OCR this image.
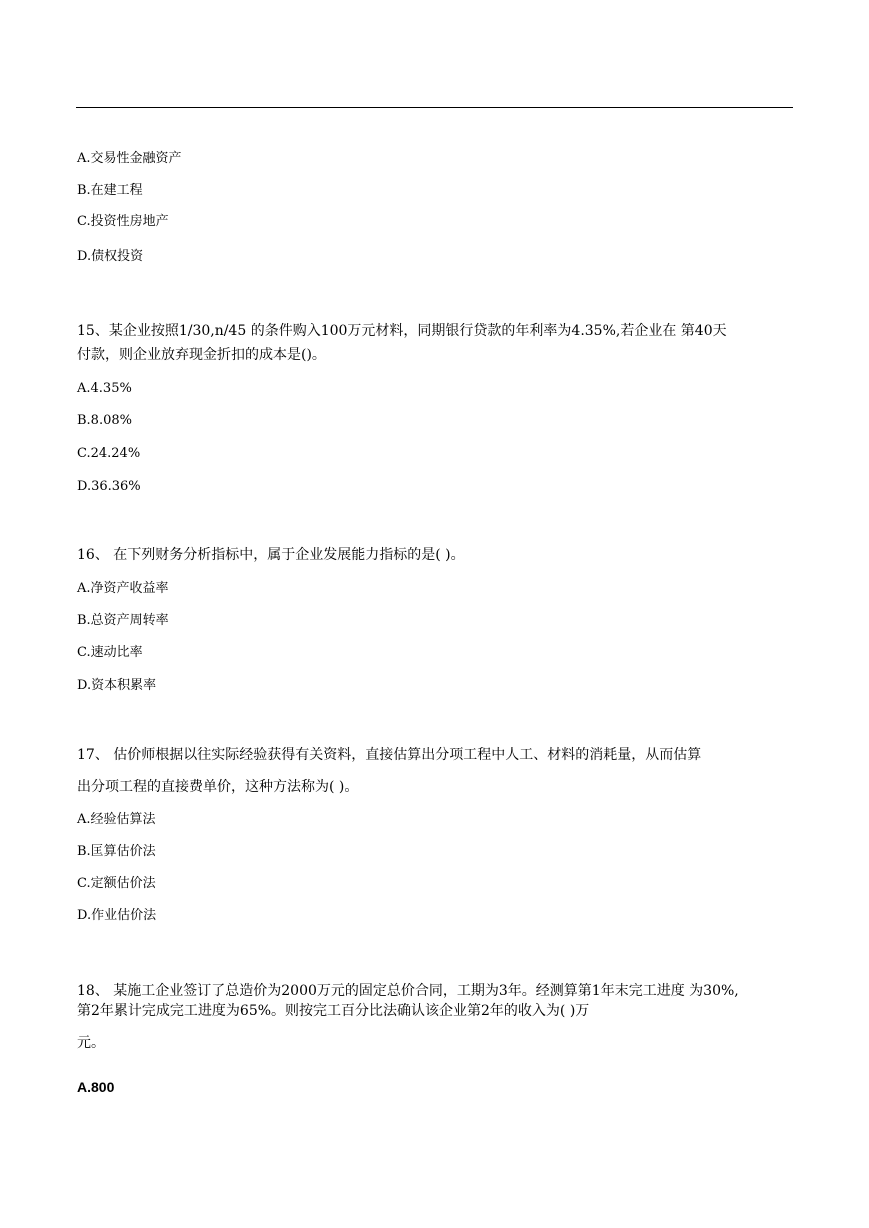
A.交易性金融资产
B.在建工程
C.投资性房地产
D.债权投资
15、某企业按照1/30,n/45 的条件购入100万元材料，同期银行贷款的年利率为4.35%,若企业在 第40天
付款，则企业放弃现金折扣的成本是()。
A.4.35%
B.8.08%
C.24.24%
D.36.36%
16、 在下列财务分析指标中，属于企业发展能力指标的是( )。
A.净资产收益率
B.总资产周转率
C.速动比率
D.资本积累率
17、 估价师根据以往实际经验获得有关资料，直接估算出分项工程中人工、材料的消耗量，从而估算
出分项工程的直接费单价，这种方法称为( )。
A.经验估算法
B.匡算估价法
C.定额估价法
D.作业估价法
18、 某施工企业签订了总造价为2000万元的固定总价合同，工期为3年。经测算第1年末完工进度 为30%,
第2年累计完成完工进度为65%。则按完工百分比法确认该企业第2年的收入为( )万
元。
A.800
